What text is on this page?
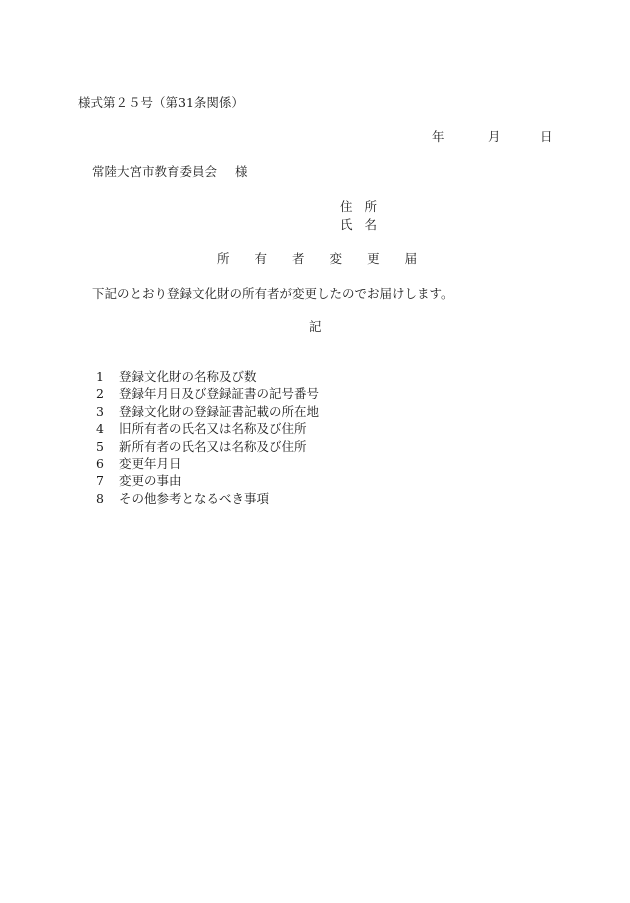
様式第２５号（第31条関係）
年	月	日
常陸大宮市教育委員会 様
住 所
氏 名
所 有 者 変 更 届
下記のとおり登録文化財の所有者が変更したのでお届けします。
記
1 登録文化財の名称及び数
2 登録年月日及び登録証書の記号番号
3 登録文化財の登録証書記載の所在地
4 旧所有者の氏名又は名称及び住所
5 新所有者の氏名又は名称及び住所
6 変更年月日
7 変更の事由
8 その他参考となるべき事項
